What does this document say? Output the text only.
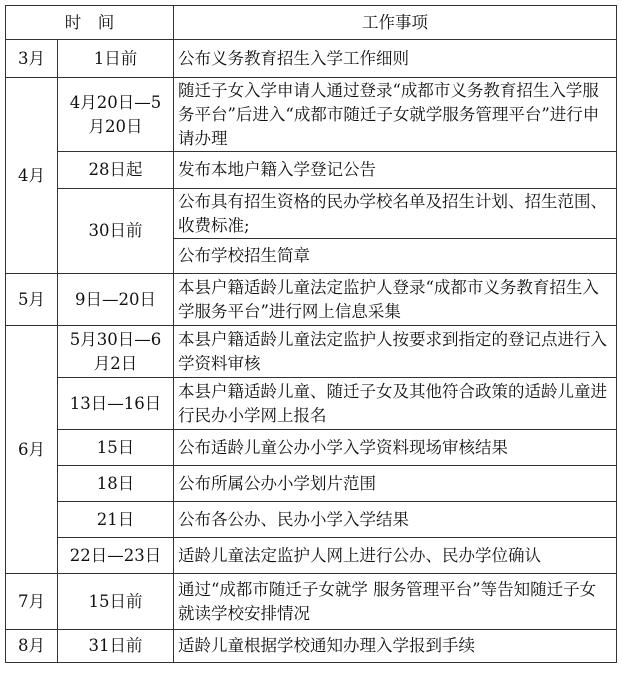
时　间		工作事项
3月	1日前	公布义务教育招生入学工作细则
4月	4月20日—5月20日	随迁子女入学申请人通过登录“成都市义务教育招生入学服务平台”后进入“成都市随迁子女就学服务管理平台”进行申请办理
	28日起	发布本地户籍入学登记公告
	30日前	公布具有招生资格的民办学校名单及招生计划、招生范围、收费标准;
		公布学校招生简章
5月	9日—20日	本县户籍适龄儿童法定监护人登录“成都市义务教育招生入学服务平台”进行网上信息采集
6月	5月30日—6月2日	本县户籍适龄儿童法定监护人按要求到指定的登记点进行入学资料审核
	13日—16日	本县户籍适龄儿童、随迁子女及其他符合政策的适龄儿童进行民办小学网上报名
	15日	公布适龄儿童公办小学入学资料现场审核结果
	18日	公布所属公办小学划片范围
	21日	公布各公办、民办小学入学结果
	22日—23日	适龄儿童法定监护人网上进行公办、民办学位确认
7月	15日前	通过“成都市随迁子女就学 服务管理平台”等告知随迁子女就读学校安排情况
8月	31日前	适龄儿童根据学校通知办理入学报到手续
